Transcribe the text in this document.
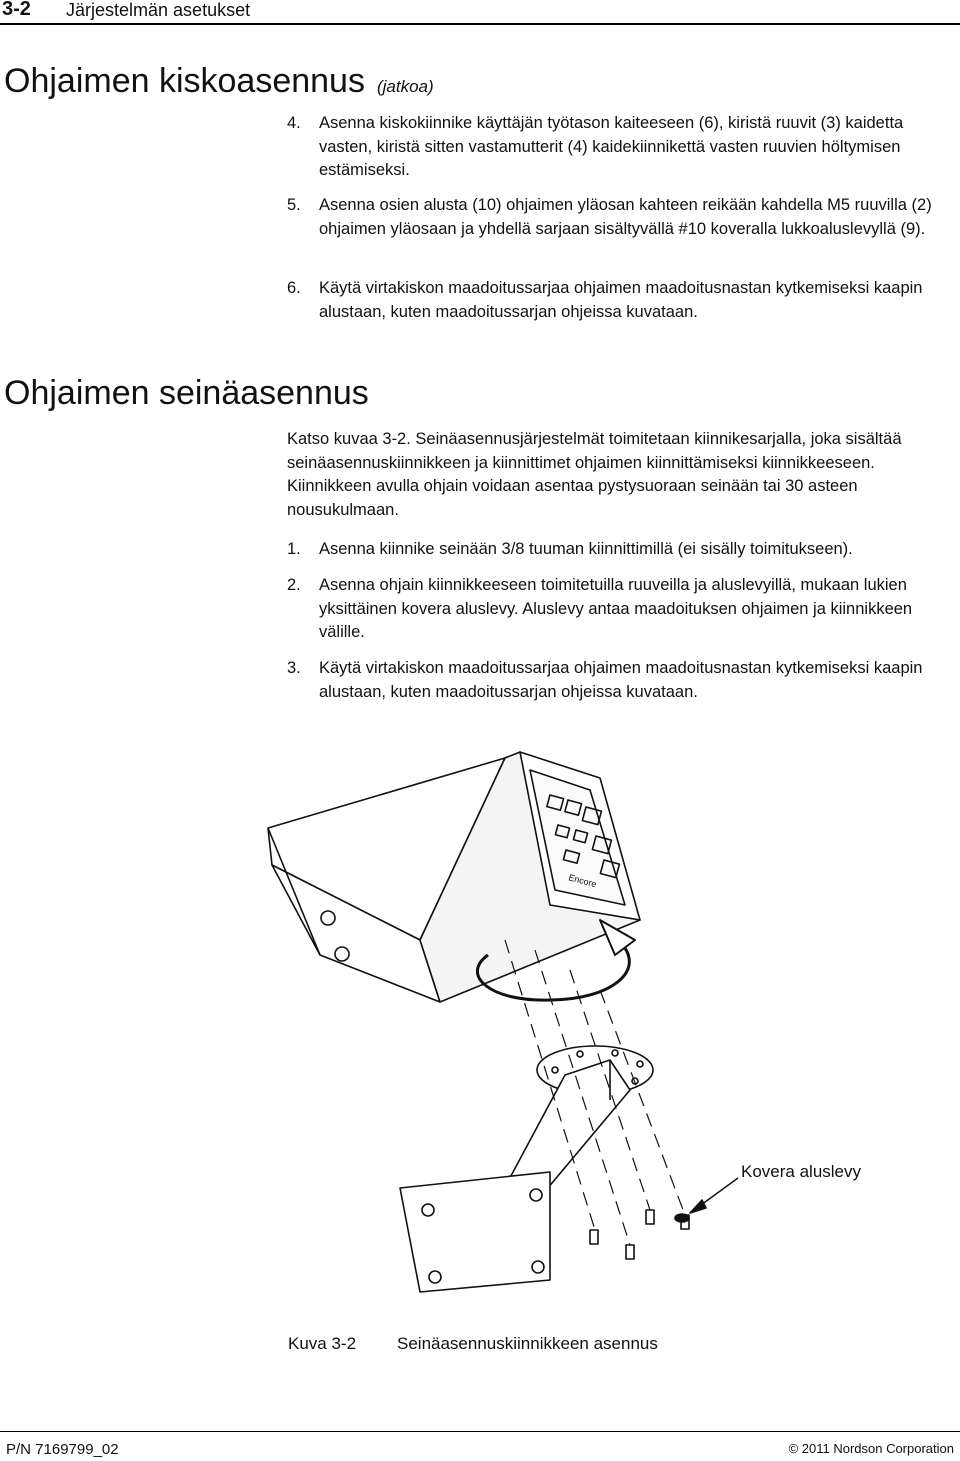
3-2 Järjestelmän asetukset
Ohjaimen kiskoasennus (jatkoa)
4. Asenna kiskokiinnike käyttäjän työtason kaiteeseen (6), kiristä ruuvit (3) kaidetta vasten, kiristä sitten vastamutterit (4) kaidekiinnikettä vasten ruuvien höltymisen estämiseksi.
5. Asenna osien alusta (10) ohjaimen yläosan kahteen reikään kahdella M5 ruuvilla (2) ohjaimen yläosaan ja yhdellä sarjaan sisältyvällä #10 koveralla lukkoaluslevyllä (9).
6. Käytä virtakiskon maadoitussarjaa ohjaimen maadoitusnastan kytkemiseksi kaapin alustaan, kuten maadoitussarjan ohjeissa kuvataan.
Ohjaimen seinäasennus
Katso kuvaa 3-2. Seinäasennusjärjestelmät toimitetaan kiinnikesarjalla, joka sisältää seinäasennuskiinnikkeen ja kiinnittimet ohjaimen kiinnittämiseksi kiinnikkeeseen. Kiinnikkeen avulla ohjain voidaan asentaa pystysuoraan seinään tai 30 asteen nousukulmaan.
1. Asenna kiinnike seinään 3/8 tuuman kiinnittimillä (ei sisälly toimitukseen).
2. Asenna ohjain kiinnikkeeseen toimitetuilla ruuveilla ja aluslevyillä, mukaan lukien yksittäinen kovera aluslevy. Aluslevy antaa maadoituksen ohjaimen ja kiinnikkeen välille.
3. Käytä virtakiskon maadoitussarjaa ohjaimen maadoitusnastan kytkemiseksi kaapin alustaan, kuten maadoitussarjan ohjeissa kuvataan.
Encore
Kovera aluslevy
Kuva 3-2 Seinäasennuskiinnikkeen asennus
P/N 7169799_02	© 2011 Nordson Corporation
